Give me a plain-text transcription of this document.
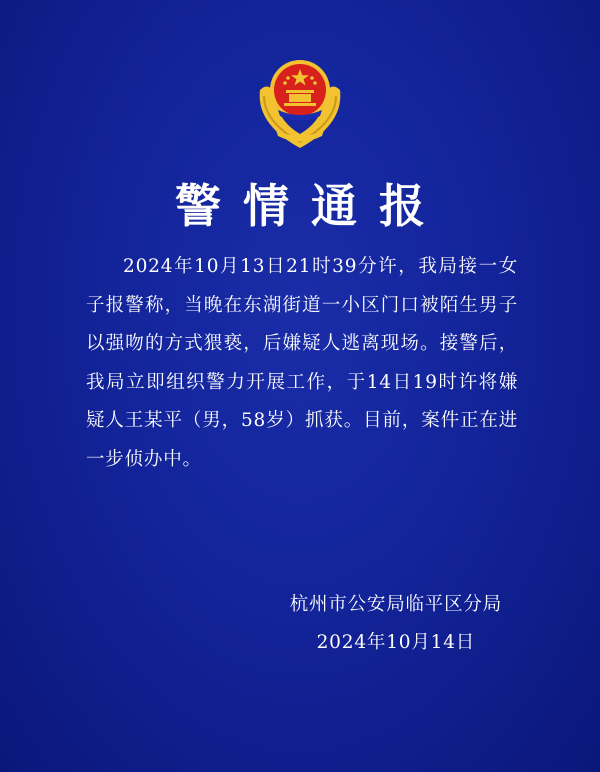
警情通报

2024年10月13日21时39分许，我局接一女子报警称，当晚在东湖街道一小区门口被陌生男子以强吻的方式猥亵，后嫌疑人逃离现场。接警后，我局立即组织警力开展工作，于14日19时许将嫌疑人王某平（男，58岁）抓获。目前，案件正在进一步侦办中。

杭州市公安局临平区分局
2024年10月14日
